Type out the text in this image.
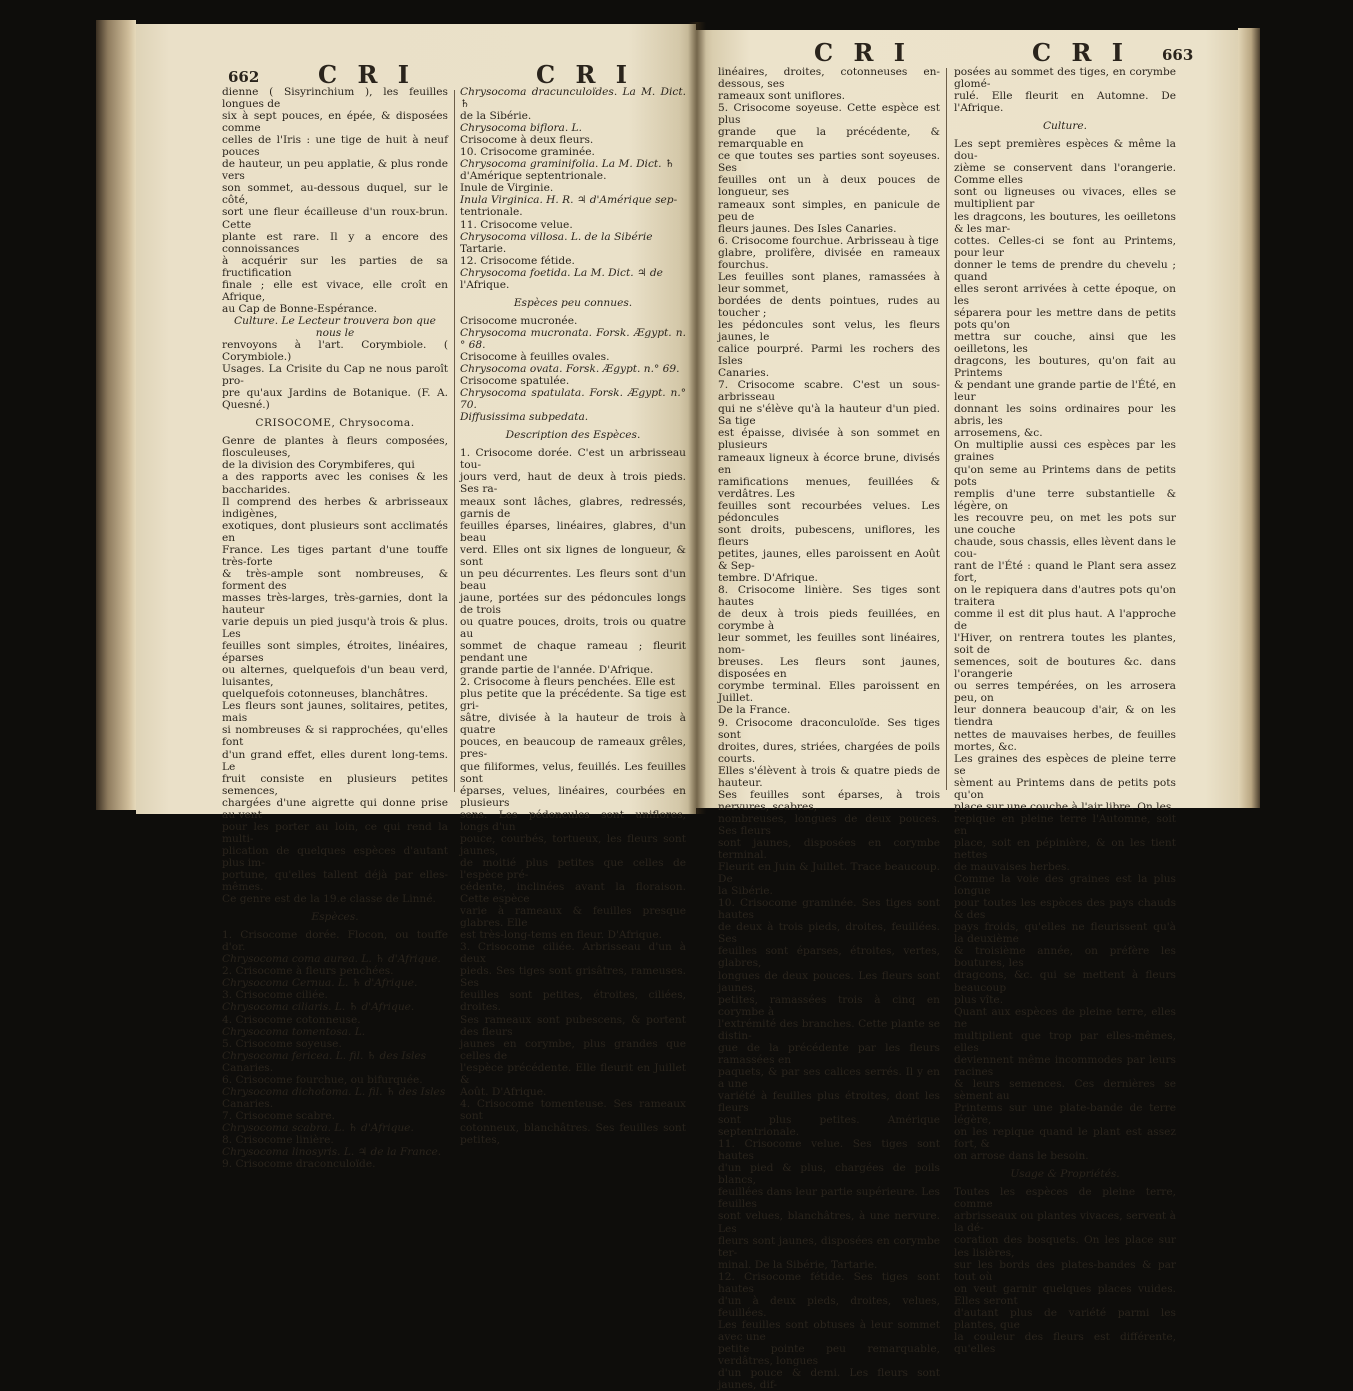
662 C R I	C R I

dienne ( Sisyrinchium ), les feuilles longues de

six à sept pouces, en épée, & disposées comme

celles de l'Iris : une tige de huit à neuf pouces

de hauteur, un peu applatie, & plus ronde vers

son sommet, au-dessous duquel, sur le côté,

sort une fleur écailleuse d'un roux-brun. Cette

plante est rare. Il y a encore des connoissances

à acquérir sur les parties de sa fructification

finale ; elle est vivace, elle croît en Afrique,

au Cap de Bonne-Espérance.

Culture. Le Lecteur trouvera bon que nous le

renvoyons à l'art. Corymbiole. ( Corymbiole.)

Usages. La Crisite du Cap ne nous paroît pro-

pre qu'aux Jardins de Botanique. (F. A. Quesné.)

CRISOCOME, Chrysocoma.

Genre de plantes à fleurs composées, flosculeuses,

de la division des Corymbiferes, qui

a des rapports avec les conises & les baccharides.

Il comprend des herbes & arbrisseaux indigènes,

exotiques, dont plusieurs sont acclimatés en

France. Les tiges partant d'une touffe très-forte

& très-ample sont nombreuses, & forment des

masses très-larges, très-garnies, dont la hauteur

varie depuis un pied jusqu'à trois & plus. Les

feuilles sont simples, étroites, linéaires, éparses

ou alternes, quelquefois d'un beau verd, luisantes,

quelquefois cotonneuses, blanchâtres.

Les fleurs sont jaunes, solitaires, petites, mais

si nombreuses & si rapprochées, qu'elles font

d'un grand effet, elles durent long-tems. Le

fruit consiste en plusieurs petites semences,

chargées d'une aigrette qui donne prise au vent

pour les porter au loin, ce qui rend la multi-

plication de quelques espèces d'autant plus im-

portune, qu'elles tallent déjà par elles-mêmes.

Ce genre est de la 19.e classe de Linné.

Espèces.

1. Crisocome dorée. Flocon, ou touffe d'or.

Chrysocoma coma aurea. L. ♄ d'Afrique.

2. Crisocome à fleurs penchées.

Chrysocoma Cernua. L. ♄ d'Afrique.

3. Crisocome ciliée.

Chrysocoma ciliaris. L. ♄ d'Afrique.

4. Crisocome cotonneuse.

Chrysocoma tomentosa. L.

5. Crisocome soyeuse.

Chrysocoma fericea. L. fil. ♄ des Isles

Canaries.

6. Crisocome fourchue, ou bifurquée.

Chrysocoma dichotoma. L. fil. ♄ des Isles

Canaries.

7. Crisocome scabre.

Chrysocoma scabra. L. ♄ d'Afrique.

8. Crisocome linière.

Chrysocoma linosyris. L. ♃ de la France.

9. Crisocome draconculoïde.

Chrysocoma dracunculoïdes. La M. Dict. ♄

de la Sibérie.

Chrysocoma biflora. L.

Crisocome à deux fleurs.

10. Crisocome graminée.

Chrysocoma graminifolia. La M. Dict. ♄

d'Amérique septentrionale.

Inule de Virginie.

Inula Virginica. H. R. ♃ d'Amérique sep-

tentrionale.

11. Crisocome velue.

Chrysocoma villosa. L. de la Sibérie

Tartarie.

12. Crisocome fétide.

Chrysocoma foetida. La M. Dict. ♃ de

l'Afrique.

Espèces peu connues.

Crisocome mucronée.

Chrysocoma mucronata. Forsk. Ægypt. n.° 68.

Crisocome à feuilles ovales.

Chrysocoma ovata. Forsk. Ægypt. n.° 69.

Crisocome spatulée.

Chrysocoma spatulata. Forsk. Ægypt. n.° 70.

Diffusissima subpedata.

Description des Espèces.

1. Crisocome dorée. C'est un arbrisseau tou-

jours verd, haut de deux à trois pieds. Ses ra-

meaux sont lâches, glabres, redressés, garnis de

feuilles éparses, linéaires, glabres, d'un beau

verd. Elles ont six lignes de longueur, & sont

un peu décurrentes. Les fleurs sont d'un beau

jaune, portées sur des pédoncules longs de trois

ou quatre pouces, droits, trois ou quatre au

sommet de chaque rameau ; fleurit pendant une

grande partie de l'année. D'Afrique.

2. Crisocome à fleurs penchées. Elle est

plus petite que la précédente. Sa tige est gri-

sâtre, divisée à la hauteur de trois à quatre

pouces, en beaucoup de rameaux grêles, pres-

que filiformes, velus, feuillés. Les feuilles sont

éparses, velues, linéaires, courbées en plusieurs

sens. Les pédoncules sont uniflores, longs d'un

pouce, courbés, tortueux, les fleurs sont jaunes,

de moitié plus petites que celles de l'espèce pré-

cédente, inclinées avant la floraison. Cette espèce

varie à rameaux & feuilles presque glabres. Elle

est très-long-tems en fleur. D'Afrique.

3. Crisocome ciliée. Arbrisseau d'un à deux

pieds. Ses tiges sont grisâtres, rameuses. Ses

feuilles sont petites, étroites, ciliées, droites.

Ses rameaux sont pubescens, & portent des fleurs

jaunes en corymbe, plus grandes que celles de

l'espèce précédente. Elle fleurit en Juillet &

Août. D'Afrique.

4. Crisocome tomenteuse. Ses rameaux sont

cotonneux, blanchâtres. Ses feuilles sont petites,

C R I	C R I 663

linéaires, droites, cotonneuses en-dessous, ses

rameaux sont uniflores.

5. Crisocome soyeuse. Cette espèce est plus

grande que la précédente, & remarquable en

ce que toutes ses parties sont soyeuses. Ses

feuilles ont un à deux pouces de longueur, ses

rameaux sont simples, en panicule de peu de

fleurs jaunes. Des Isles Canaries.

6. Crisocome fourchue. Arbrisseau à tige

glabre, prolifère, divisée en rameaux fourchus.

Les feuilles sont planes, ramassées à leur sommet,

bordées de dents pointues, rudes au toucher ;

les pédoncules sont velus, les fleurs jaunes, le

calice pourpré. Parmi les rochers des Isles

Canaries.

7. Crisocome scabre. C'est un sous-arbrisseau

qui ne s'élève qu'à la hauteur d'un pied. Sa tige

est épaisse, divisée à son sommet en plusieurs

rameaux ligneux à écorce brune, divisés en

ramifications menues, feuillées & verdâtres. Les

feuilles sont recourbées velues. Les pédoncules

sont droits, pubescens, uniflores, les fleurs

petites, jaunes, elles paroissent en Août & Sep-

tembre. D'Afrique.

8. Crisocome linière. Ses tiges sont hautes

de deux à trois pieds feuillées, en corymbe à

leur sommet, les feuilles sont linéaires, nom-

breuses. Les fleurs sont jaunes, disposées en

corymbe terminal. Elles paroissent en Juillet.

De la France.

9. Crisocome draconculoïde. Ses tiges sont

droites, dures, striées, chargées de poils courts.

Elles s'élèvent à trois & quatre pieds de hauteur.

Ses feuilles sont éparses, à trois nervures, scabres,

nombreuses, longues de deux pouces. Ses fleurs

sont jaunes, disposées en corymbe terminal.

Fleurit en Juin & Juillet. Trace beaucoup. De

la Sibérie.

10. Crisocome graminée. Ses tiges sont hautes

de deux à trois pieds, droites, feuillées. Ses

feuilles sont éparses, étroites, vertes, glabres,

longues de deux pouces. Les fleurs sont jaunes,

petites, ramassées trois à cinq en corymbe à

l'extrémité des branches. Cette plante se distin-

gue de la précédente par les fleurs ramassées en

paquets, & par ses calices serrés. Il y en a une

variété à feuilles plus étroites, dont les fleurs

sont plus petites. Amérique septentrionale.

11. Crisocome velue. Ses tiges sont hautes

d'un pied & plus, chargées de poils blancs,

feuillées dans leur partie supérieure. Les feuilles

sont velues, blanchâtres, à une nervure. Les

fleurs sont jaunes, disposées en corymbe ter-

minal. De la Sibérie, Tartarie.

12. Crisocome fétide. Ses tiges sont hautes

d'un à deux pieds, droites, velues, feuillées.

Les feuilles sont obtuses à leur sommet avec une

petite pointe peu remarquable, verdâtres, longues

d'un pouce & demi. Les fleurs sont jaunes, dif-

posées au sommet des tiges, en corymbe glomé-

rulé. Elle fleurit en Automne. De l'Afrique.

Culture.

Les sept premières espèces & même la dou-

zième se conservent dans l'orangerie. Comme elles

sont ou ligneuses ou vivaces, elles se multiplient par

les dragcons, les boutures, les oeilletons & les mar-

cottes. Celles-ci se font au Printems, pour leur

donner le tems de prendre du chevelu ; quand

elles seront arrivées à cette époque, on les

séparera pour les mettre dans de petits pots qu'on

mettra sur couche, ainsi que les oeilletons, les

dragcons, les boutures, qu'on fait au Printems

& pendant une grande partie de l'Été, en leur

donnant les soins ordinaires pour les abris, les

arrosemens, &c.

On multiplie aussi ces espèces par les graines

qu'on seme au Printems dans de petits pots

remplis d'une terre substantielle & légère, on

les recouvre peu, on met les pots sur une couche

chaude, sous chassis, elles lèvent dans le cou-

rant de l'Été : quand le Plant sera assez fort,

on le repiquera dans d'autres pots qu'on traitera

comme il est dit plus haut. A l'approche de

l'Hiver, on rentrera toutes les plantes, soit de

semences, soit de boutures &c. dans l'orangerie

ou serres tempérées, on les arrosera peu, on

leur donnera beaucoup d'air, & on les tiendra

nettes de mauvaises herbes, de feuilles mortes, &c.

Les graines des espèces de pleine terre se

sèment au Printems dans de petits pots qu'on

place sur une couche à l'air libre. On les

repique en pleine terre l'Automne, soit en

place, soit en pépinière, & on les tient nettes

de mauvaises herbes.

Comme la voie des graines est la plus longue

pour toutes les espèces des pays chauds & des

pays froids, qu'elles ne fleurissent qu'à la deuxième

& troisième année, on préfère les boutures, les

dragcons, &c. qui se mettent à fleurs beaucoup

plus vîte.

Quant aux espèces de pleine terre, elles ne

multiplient que trop par elles-mêmes, elles

deviennent même incommodes par leurs racines

& leurs semences. Ces dernières se sèment au

Printems sur une plate-bande de terre légère,

on les repique quand le plant est assez fort, &

on arrose dans le besoin.

Usage & Propriétés.

Toutes les espèces de pleine terre, comme

arbrisseaux ou plantes vivaces, servent à la dé-

coration des bosquets. On les place sur les lisières,

sur les bords des plates-bandes & par tout où

on veut garnir quelques places vuides. Elles seront

d'autant plus de variété parmi les plantes, que

la couleur des fleurs est différente, qu'elles
